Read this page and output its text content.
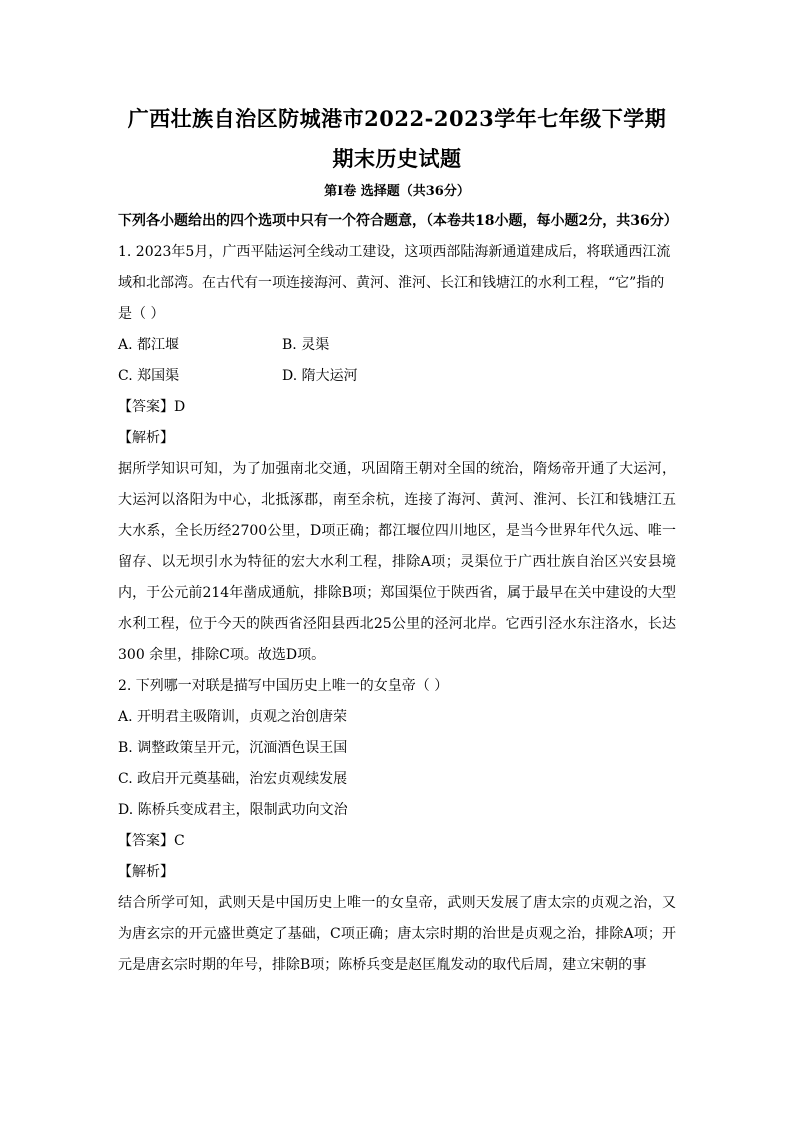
广西壮族自治区防城港市2022-2023学年七年级下学期
期末历史试题
第Ⅰ卷 选择题（共36分）
下列各小题给出的四个选项中只有一个符合题意，（本卷共18小题，每小题2分，共36分）
1. 2023年5月，广西平陆运河全线动工建设，这项西部陆海新通道建成后，将联通西江流域和北部湾。在古代有一项连接海河、黄河、淮河、长江和钱塘江的水利工程，“它”指的是（ ）
A. 都江堰	B. 灵渠
C. 郑国渠	D. 隋大运河
【答案】D
【解析】
据所学知识可知，为了加强南北交通，巩固隋王朝对全国的统治，隋炀帝开通了大运河，大运河以洛阳为中心，北抵涿郡，南至余杭，连接了海河、黄河、淮河、长江和钱塘江五大水系，全长历经2700公里，D项正确；都江堰位四川地区，是当今世界年代久远、唯一留存、以无坝引水为特征的宏大水利工程，排除A项；灵渠位于广西壮族自治区兴安县境内，于公元前214年凿成通航，排除B项；郑国渠位于陕西省，属于最早在关中建设的大型水利工程，位于今天的陕西省泾阳县西北25公里的泾河北岸。它西引泾水东注洛水，长达 300 余里，排除C项。故选D项。
2. 下列哪一对联是描写中国历史上唯一的女皇帝（ ）
A. 开明君主吸隋训，贞观之治创唐荣
B. 调整政策呈开元，沉湎酒色误王国
C. 政启开元奠基础，治宏贞观续发展
D. 陈桥兵变成君主，限制武功向文治
【答案】C
【解析】
结合所学可知，武则天是中国历史上唯一的女皇帝，武则天发展了唐太宗的贞观之治，又为唐玄宗的开元盛世奠定了基础，C项正确；唐太宗时期的治世是贞观之治，排除A项；开元是唐玄宗时期的年号，排除B项；陈桥兵变是赵匡胤发动的取代后周，建立宋朝的事
